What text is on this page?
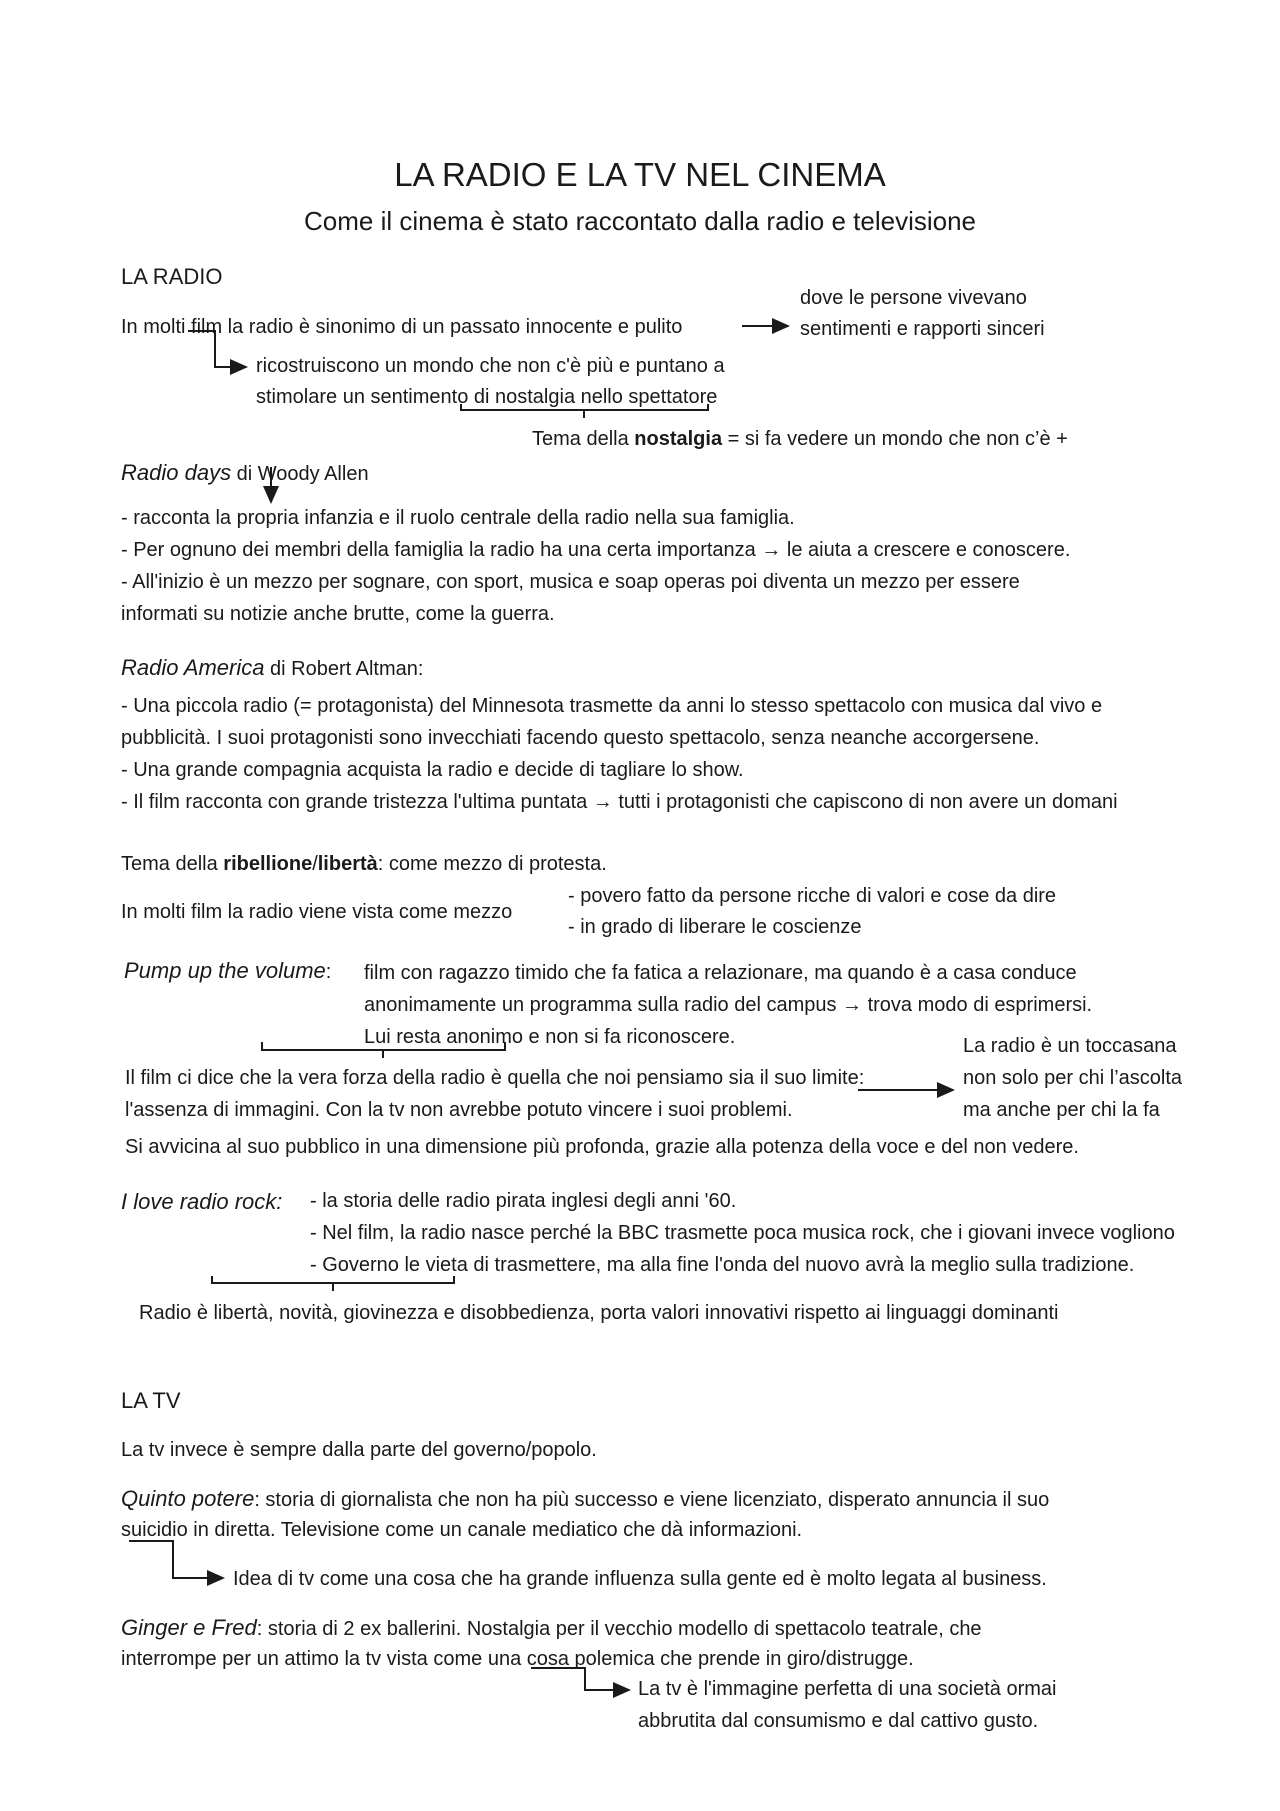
LA RADIO E LA TV NEL CINEMA
Come il cinema è stato raccontato dalla radio e televisione
LA RADIO
In molti film la radio è sinonimo di un passato innocente e pulito
dove le persone vivevano
sentimenti e rapporti sinceri
ricostruiscono un mondo che non c'è più e puntano a
stimolare un sentimento di nostalgia nello spettatore
Tema della nostalgia = si fa vedere un mondo che non c’è +
Radio days di Woody Allen
- racconta la propria infanzia e il ruolo centrale della radio nella sua famiglia.
- Per ognuno dei membri della famiglia la radio ha una certa importanza → le aiuta a crescere e conoscere.
- All'inizio è un mezzo per sognare, con sport, musica e soap operas poi diventa un mezzo per essere
informati su notizie anche brutte, come la guerra.
Radio America di Robert Altman:
- Una piccola radio (= protagonista) del Minnesota trasmette da anni lo stesso spettacolo con musica dal vivo e
pubblicità. I suoi protagonisti sono invecchiati facendo questo spettacolo, senza neanche accorgersene.
- Una grande compagnia acquista la radio e decide di tagliare lo show.
- Il film racconta con grande tristezza l'ultima puntata → tutti i protagonisti che capiscono di non avere un domani
Tema della ribellione/libertà: come mezzo di protesta.
In molti film la radio viene vista come mezzo
- povero fatto da persone ricche di valori e cose da dire
- in grado di liberare le coscienze
Pump up the volume: film con ragazzo timido che fa fatica a relazionare, ma quando è a casa conduce
anonimamente un programma sulla radio del campus → trova modo di esprimersi.
Lui resta anonimo e non si fa riconoscere.
Il film ci dice che la vera forza della radio è quella che noi pensiamo sia il suo limite:
l'assenza di immagini. Con la tv non avrebbe potuto vincere i suoi problemi.
La radio è un toccasana
non solo per chi l’ascolta
ma anche per chi la fa
Si avvicina al suo pubblico in una dimensione più profonda, grazie alla potenza della voce e del non vedere.
I love radio rock: - la storia delle radio pirata inglesi degli anni '60.
- Nel film, la radio nasce perché la BBC trasmette poca musica rock, che i giovani invece vogliono
- Governo le vieta di trasmettere, ma alla fine l'onda del nuovo avrà la meglio sulla tradizione.
Radio è libertà, novità, giovinezza e disobbedienza, porta valori innovativi rispetto ai linguaggi dominanti
LA TV
La tv invece è sempre dalla parte del governo/popolo.
Quinto potere: storia di giornalista che non ha più successo e viene licenziato, disperato annuncia il suo
suicidio in diretta. Televisione come un canale mediatico che dà informazioni.
Idea di tv come una cosa che ha grande influenza sulla gente ed è molto legata al business.
Ginger e Fred: storia di 2 ex ballerini. Nostalgia per il vecchio modello di spettacolo teatrale, che
interrompe per un attimo la tv vista come una cosa polemica che prende in giro/distrugge.
La tv è l'immagine perfetta di una società ormai
abbrutita dal consumismo e dal cattivo gusto.
